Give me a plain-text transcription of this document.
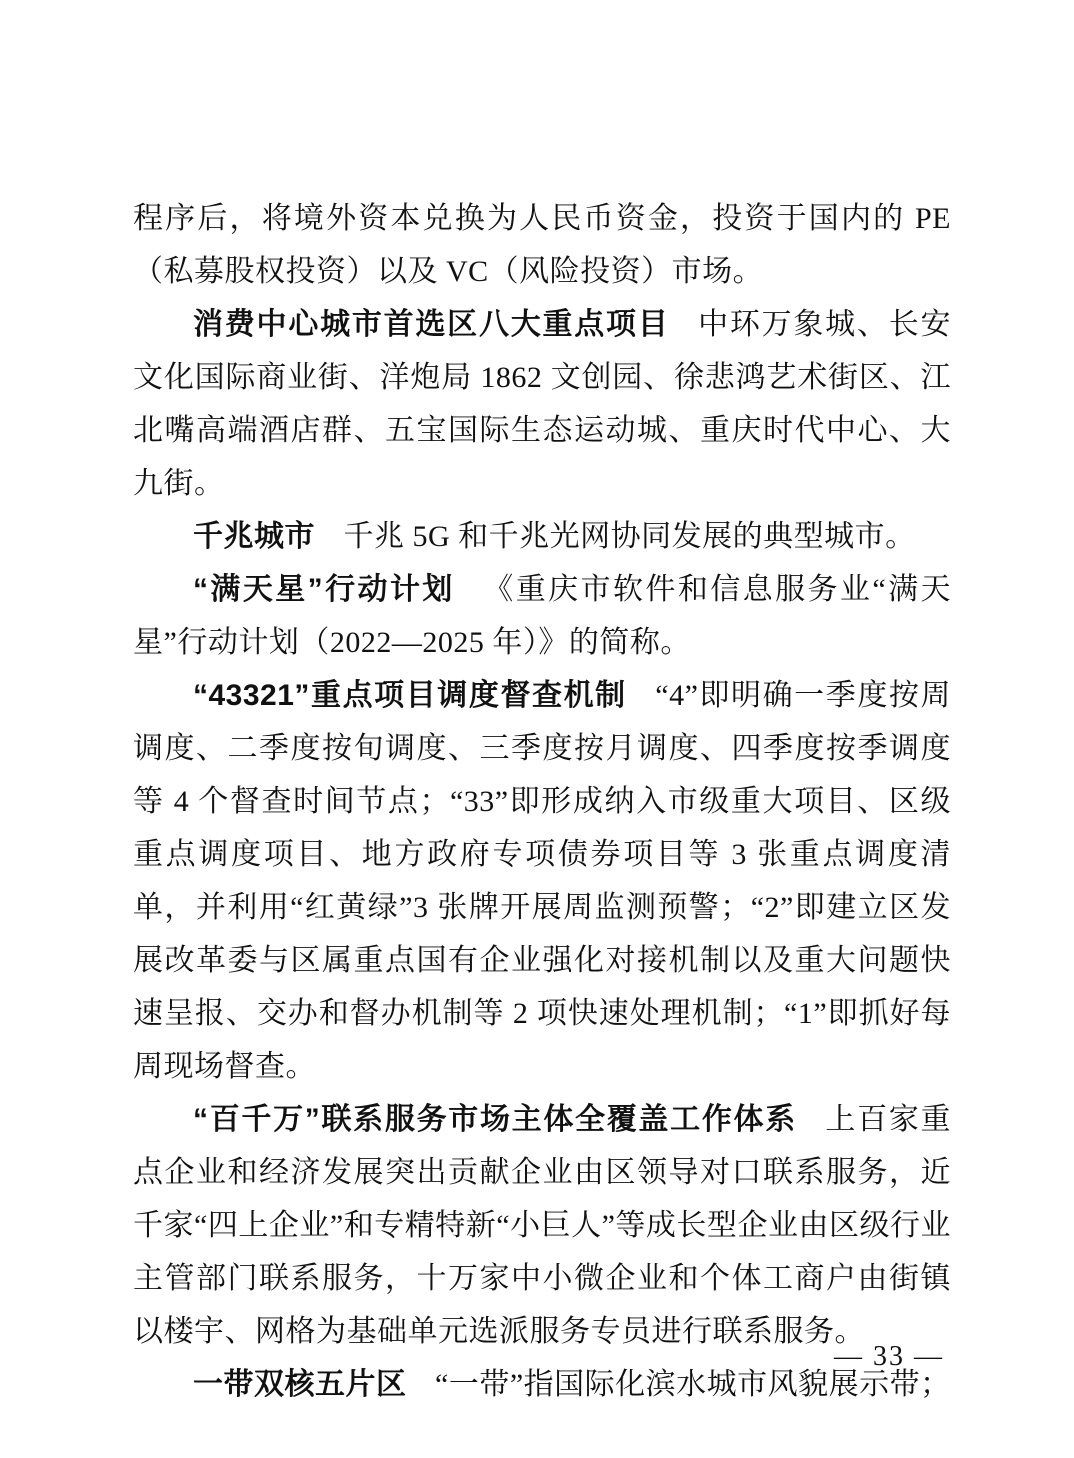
程序后，将境外资本兑换为人民币资金，投资于国内的 PE（私募股权投资）以及 VC（风险投资）市场。

消费中心城市首选区八大重点项目 中环万象城、长安文化国际商业街、洋炮局 1862 文创园、徐悲鸿艺术街区、江北嘴高端酒店群、五宝国际生态运动城、重庆时代中心、大九街。

千兆城市 千兆 5G 和千兆光网协同发展的典型城市。

“满天星”行动计划 《重庆市软件和信息服务业“满天星”行动计划（2022—2025 年）》的简称。

“43321”重点项目调度督查机制 “4”即明确一季度按周调度、二季度按旬调度、三季度按月调度、四季度按季调度等 4 个督查时间节点；“33”即形成纳入市级重大项目、区级重点调度项目、地方政府专项债券项目等 3 张重点调度清单，并利用“红黄绿”3 张牌开展周监测预警；“2”即建立区发展改革委与区属重点国有企业强化对接机制以及重大问题快速呈报、交办和督办机制等 2 项快速处理机制；“1”即抓好每周现场督查。

“百千万”联系服务市场主体全覆盖工作体系 上百家重点企业和经济发展突出贡献企业由区领导对口联系服务，近千家“四上企业”和专精特新“小巨人”等成长型企业由区级行业主管部门联系服务，十万家中小微企业和个体工商户由街镇以楼宇、网格为基础单元选派服务专员进行联系服务。

一带双核五片区 “一带”指国际化滨水城市风貌展示带；

— 33 —
